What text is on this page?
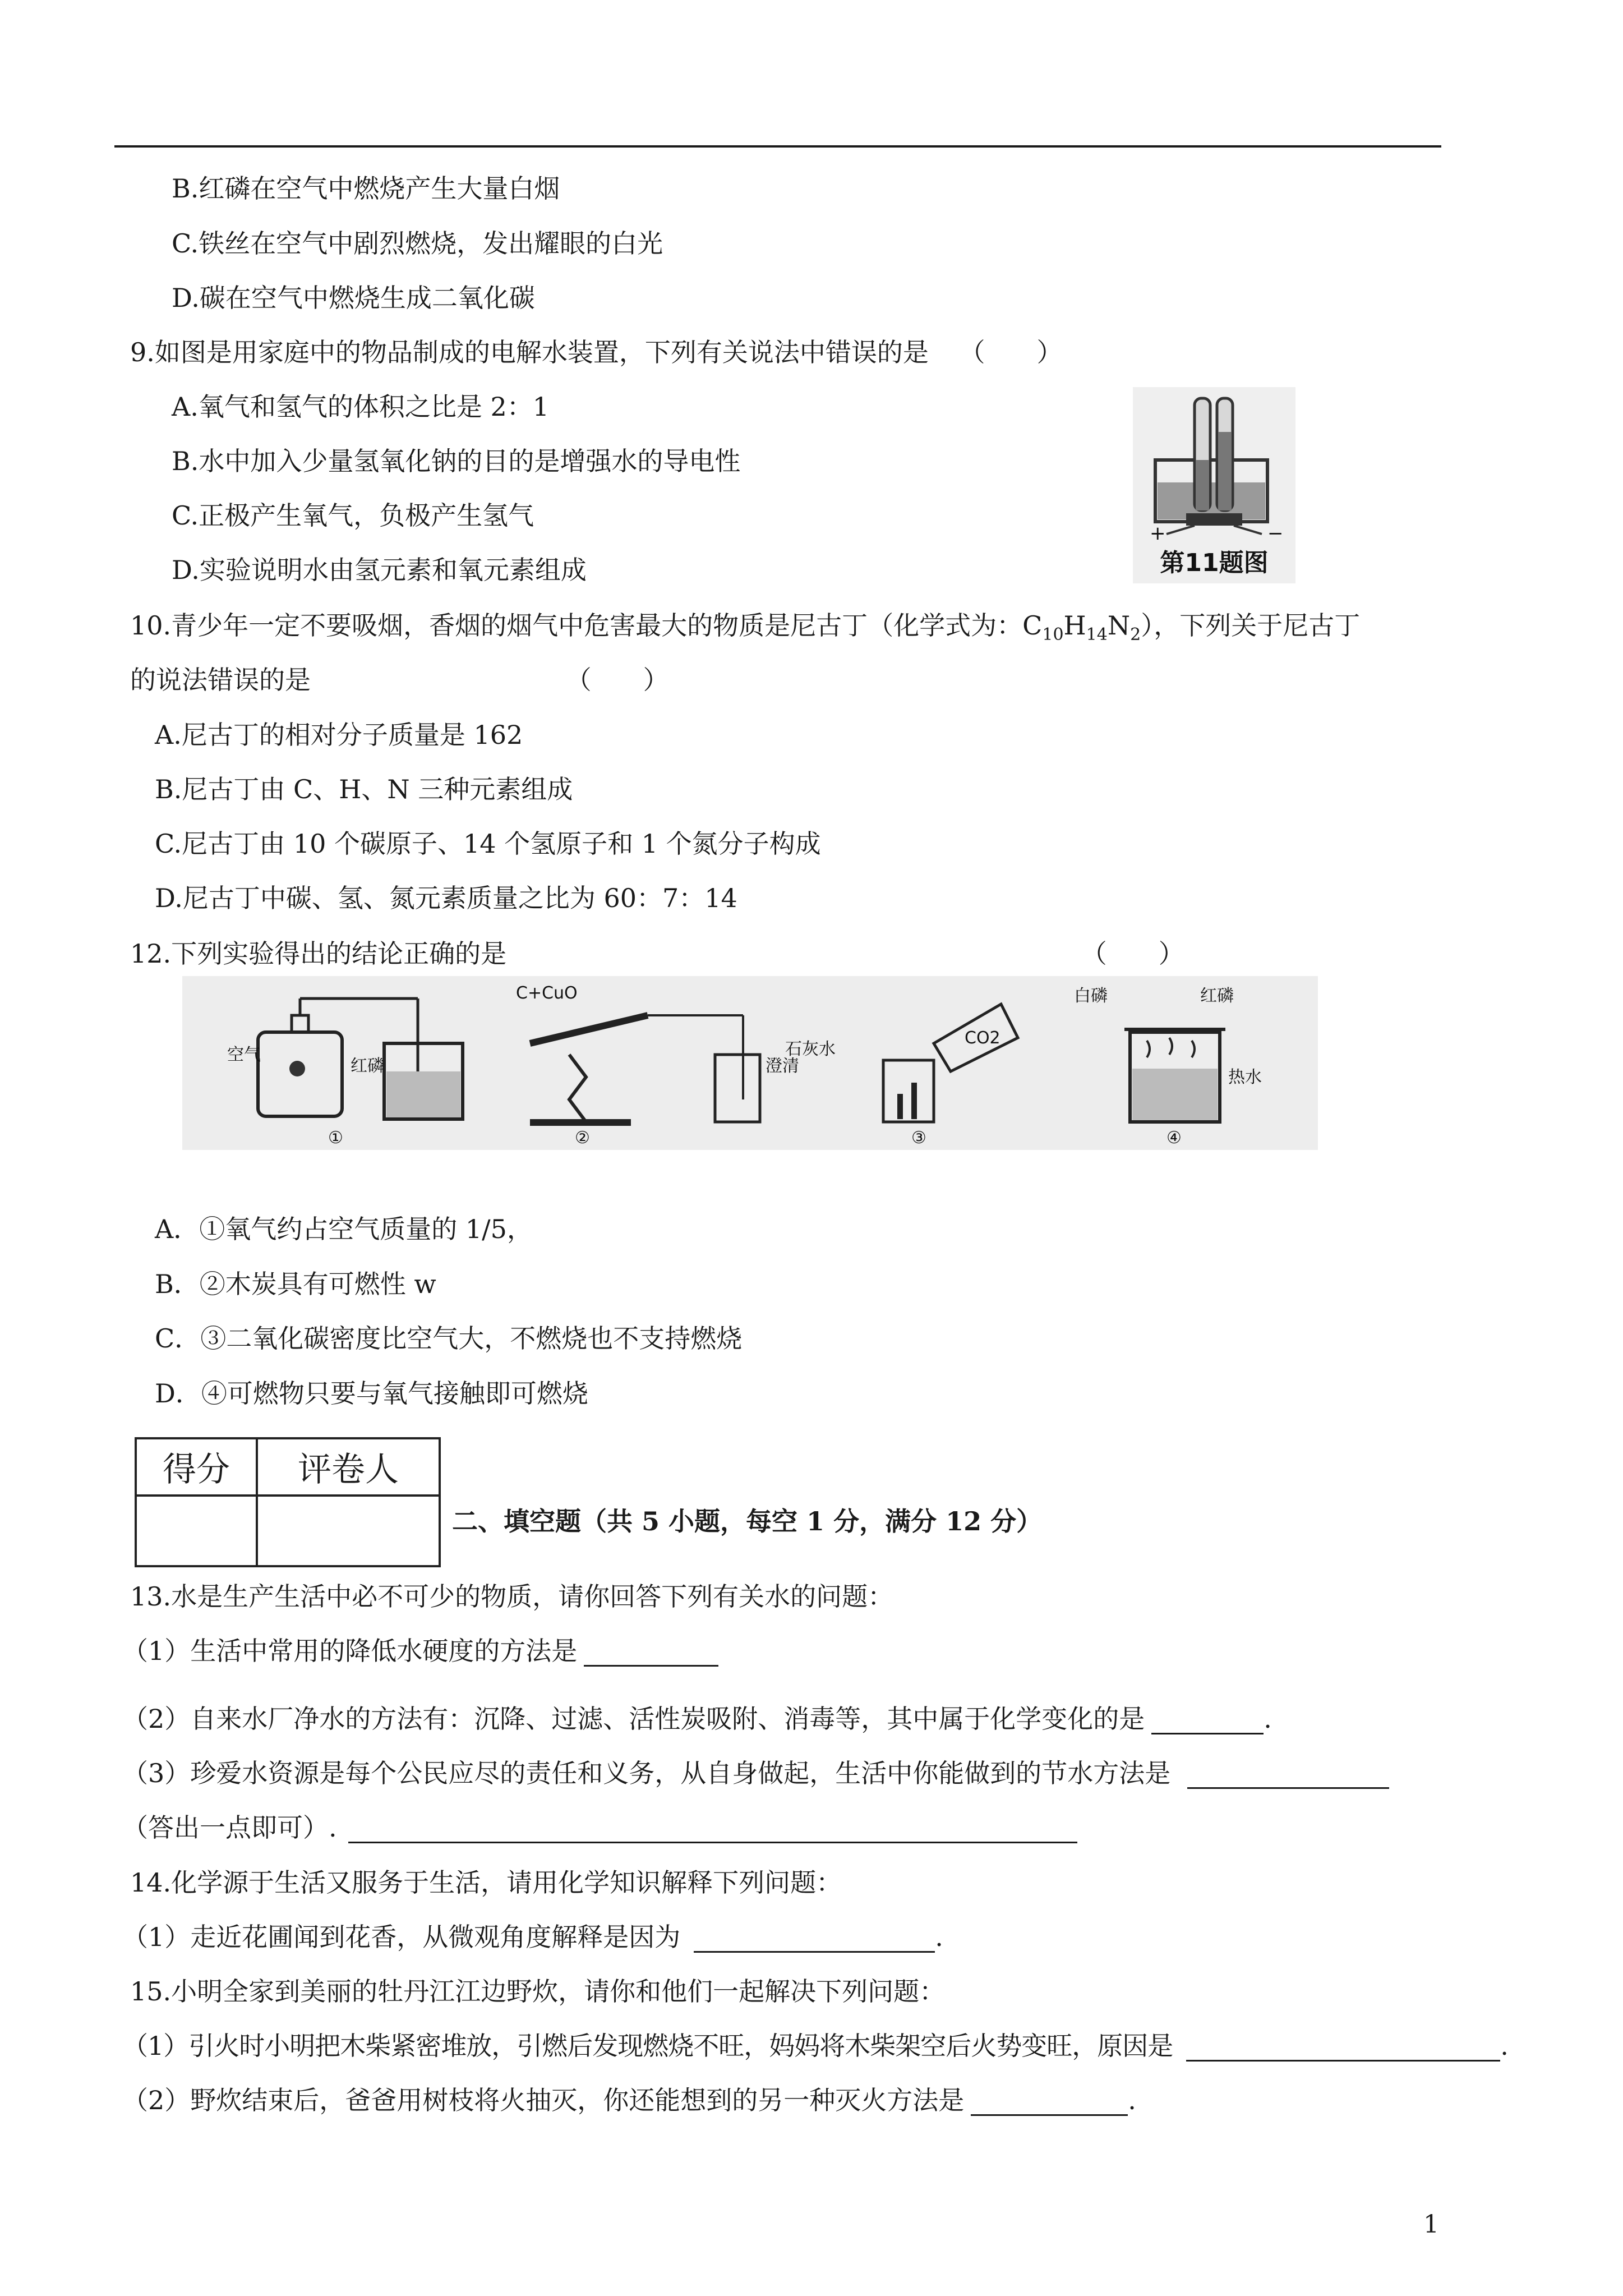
B.红磷在空气中燃烧产生大量白烟
C.铁丝在空气中剧烈燃烧，发出耀眼的白光
D.碳在空气中燃烧生成二氧化碳
9.如图是用家庭中的物品制成的电解水装置，下列有关说法中错误的是 （　　）
A.氧气和氢气的体积之比是 2：1
B.水中加入少量氢氧化钠的目的是增强水的导电性
C.正极产生氧气，负极产生氢气
D.实验说明水由氢元素和氧元素组成
+	−
第11题图
10.青少年一定不要吸烟，香烟的烟气中危害最大的物质是尼古丁（化学式为：$C_{10}H_{14}N_2$），下列关于尼古丁
的说法错误的是	（　　）
A.尼古丁的相对分子质量是 162
B.尼古丁由 C、H、N 三种元素组成
C.尼古丁由 10 个碳原子、14 个氢原子和 1 个氮分子构成
D.尼古丁中碳、氢、氮元素质量之比为 60：7：14
12.下列实验得出的结论正确的是	（　　）
空气
红磷
①
C+CuO
澄清
石灰水
②
CO2
③
白磷	红磷
热水
④
A．①氧气约占空气质量的 1/5，
B．②木炭具有可燃性 w
C．③二氧化碳密度比空气大，不燃烧也不支持燃烧
D．④可燃物只要与氧气接触即可燃烧
得分	评卷人

二、填空题（共 5 小题，每空 1 分，满分 12 分）
13.水是生产生活中必不可少的物质，请你回答下列有关水的问题：
（1）生活中常用的降低水硬度的方法是
（2）自来水厂净水的方法有：沉降、过滤、活性炭吸附、消毒等，其中属于化学变化的是	.
（3）珍爱水资源是每个公民应尽的责任和义务，从自身做起，生活中你能做到的节水方法是
（答出一点即可）.
14.化学源于生活又服务于生活，请用化学知识解释下列问题：
（1）走近花圃闻到花香，从微观角度解释是因为	.
15.小明全家到美丽的牡丹江江边野炊，请你和他们一起解决下列问题：
（1）引火时小明把木柴紧密堆放，引燃后发现燃烧不旺，妈妈将木柴架空后火势变旺，原因是	.
（2）野炊结束后，爸爸用树枝将火抽灭，你还能想到的另一种灭火方法是	.
1
